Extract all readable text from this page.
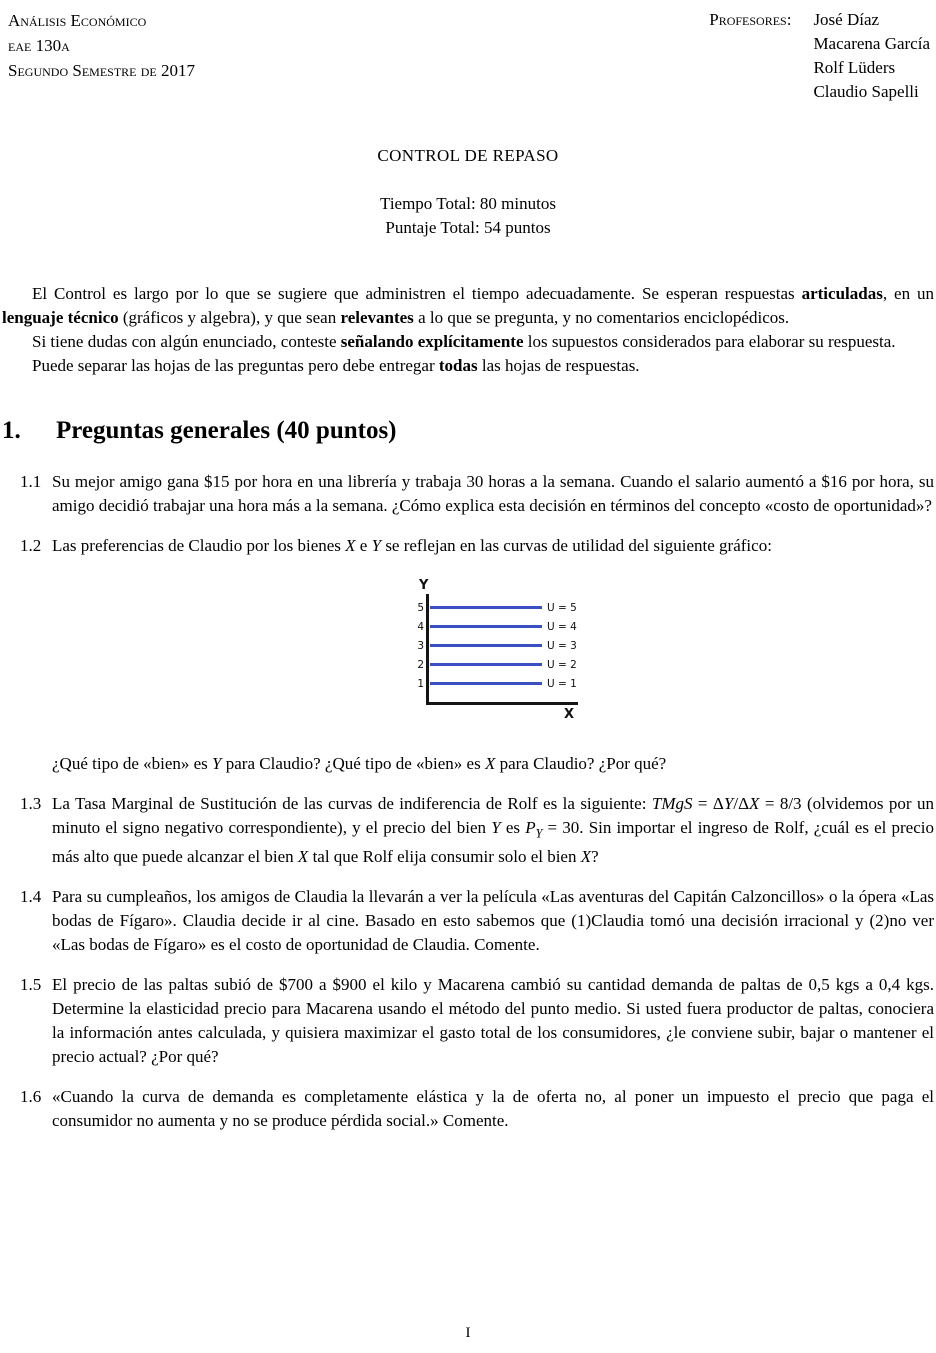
Análisis Económico
eae 130a
Segundo Semestre de 2017
Profesores: José Díaz
Macarena García
Rolf Lüders
Claudio Sapelli
CONTROL DE REPASO
Tiempo Total: 80 minutos
Puntaje Total: 54 puntos

El Control es largo por lo que se sugiere que administren el tiempo adecuadamente. Se esperan respuestas articuladas, en un lenguaje técnico (gráficos y algebra), y que sean relevantes a lo que se pregunta, y no comentarios enciclopédicos.

Si tiene dudas con algún enunciado, conteste señalando explícitamente los supuestos considerados para elaborar su respuesta.

Puede separar las hojas de las preguntas pero debe entregar todas las hojas de respuestas.

1.	Preguntas generales (40 puntos)
1.1 Su mejor amigo gana $15 por hora en una librería y trabaja 30 horas a la semana. Cuando el salario aumentó a $16 por hora, su amigo decidió trabajar una hora más a la semana. ¿Cómo explica esta decisión en términos del concepto «costo de oportunidad»?
1.2 Las preferencias de Claudio por los bienes X e Y se reflejan en las curvas de utilidad del siguiente gráfico:
Y
5	U = 5
4	U = 4
3	U = 3
2	U = 2
1	U = 1
X
¿Qué tipo de «bien» es Y para Claudio? ¿Qué tipo de «bien» es X para Claudio? ¿Por qué?
1.3 La Tasa Marginal de Sustitución de las curvas de indiferencia de Rolf es la siguiente: TMgS = ΔY/ΔX = 8/3 (olvidemos por un minuto el signo negativo correspondiente), y el precio del bien Y es $P_Y = 30$. Sin importar el ingreso de Rolf, ¿cuál es el precio más alto que puede alcanzar el bien X tal que Rolf elija consumir solo el bien X?
1.4 Para su cumpleaños, los amigos de Claudia la llevarán a ver la película «Las aventuras del Capitán Calzoncillos» o la ópera «Las bodas de Fígaro». Claudia decide ir al cine. Basado en esto sabemos que (1)Claudia tomó una decisión irracional y (2)no ver «Las bodas de Fígaro» es el costo de oportunidad de Claudia. Comente.
1.5 El precio de las paltas subió de $700 a $900 el kilo y Macarena cambió su cantidad demanda de paltas de 0,5 kgs a 0,4 kgs. Determine la elasticidad precio para Macarena usando el método del punto medio. Si usted fuera productor de paltas, conociera la información antes calculada, y quisiera maximizar el gasto total de los consumidores, ¿le conviene subir, bajar o mantener el precio actual? ¿Por qué?
1.6 «Cuando la curva de demanda es completamente elástica y la de oferta no, al poner un impuesto el precio que paga el consumidor no aumenta y no se produce pérdida social.» Comente.
I
